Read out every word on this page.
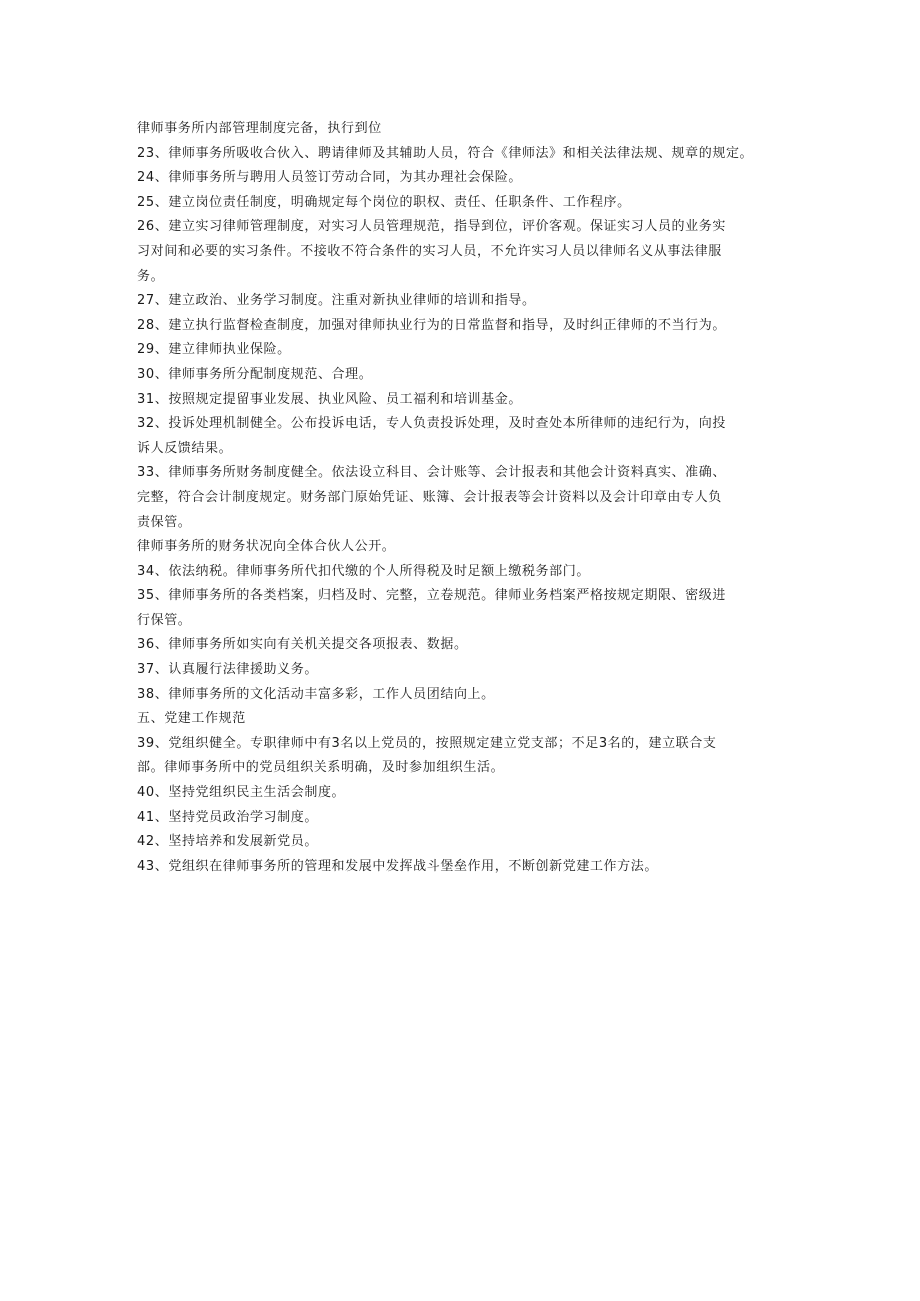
律师事务所内部管理制度完备，执行到位
23、律师事务所吸收合伙入、聘请律师及其辅助人员，符合《律师法》和相关法律法规、规章的规定。
24、律师事务所与聘用人员签订劳动合同，为其办理社会保险。
25、建立岗位责任制度，明确规定每个岗位的职权、责任、任职条件、工作程序。
26、建立实习律师管理制度，对实习人员管理规范，指导到位，评价客观。保证实习人员的业务实
习对间和必要的实习条件。不接收不符合条件的实习人员，不允许实习人员以律师名义从事法律服
务。
27、建立政治、业务学习制度。注重对新执业律师的培训和指导。
28、建立执行监督检查制度，加强对律师执业行为的日常监督和指导，及时纠正律师的不当行为。
29、建立律师执业保险。
30、律师事务所分配制度规范、合理。
31、按照规定提留事业发展、执业风险、员工福利和培训基金。
32、投诉处理机制健全。公布投诉电话，专人负责投诉处理，及时查处本所律师的违纪行为，向投
诉人反馈结果。
33、律师事务所财务制度健全。依法设立科目、会计账等、会计报表和其他会计资料真实、准确、
完整，符合会计制度规定。财务部门原始凭证、账簿、会计报表等会计资料以及会计印章由专人负
责保管。
律师事务所的财务状况向全体合伙人公开。
34、依法纳税。律师事务所代扣代缴的个人所得税及时足额上缴税务部门。
35、律师事务所的各类档案，归档及时、完整，立卷规范。律师业务档案严格按规定期限、密级进
行保管。
36、律师事务所如实向有关机关提交各项报表、数据。
37、认真履行法律援助义务。
38、律师事务所的文化活动丰富多彩，工作人员团结向上。
五、党建工作规范
39、党组织健全。专职律师中有3名以上党员的，按照规定建立党支部；不足3名的，建立联合支
部。律师事务所中的党员组织关系明确，及时参加组织生活。
40、坚持党组织民主生活会制度。
41、坚持党员政治学习制度。
42、坚持培养和发展新党员。
43、党组织在律师事务所的管理和发展中发挥战斗堡垒作用，不断创新党建工作方法。
